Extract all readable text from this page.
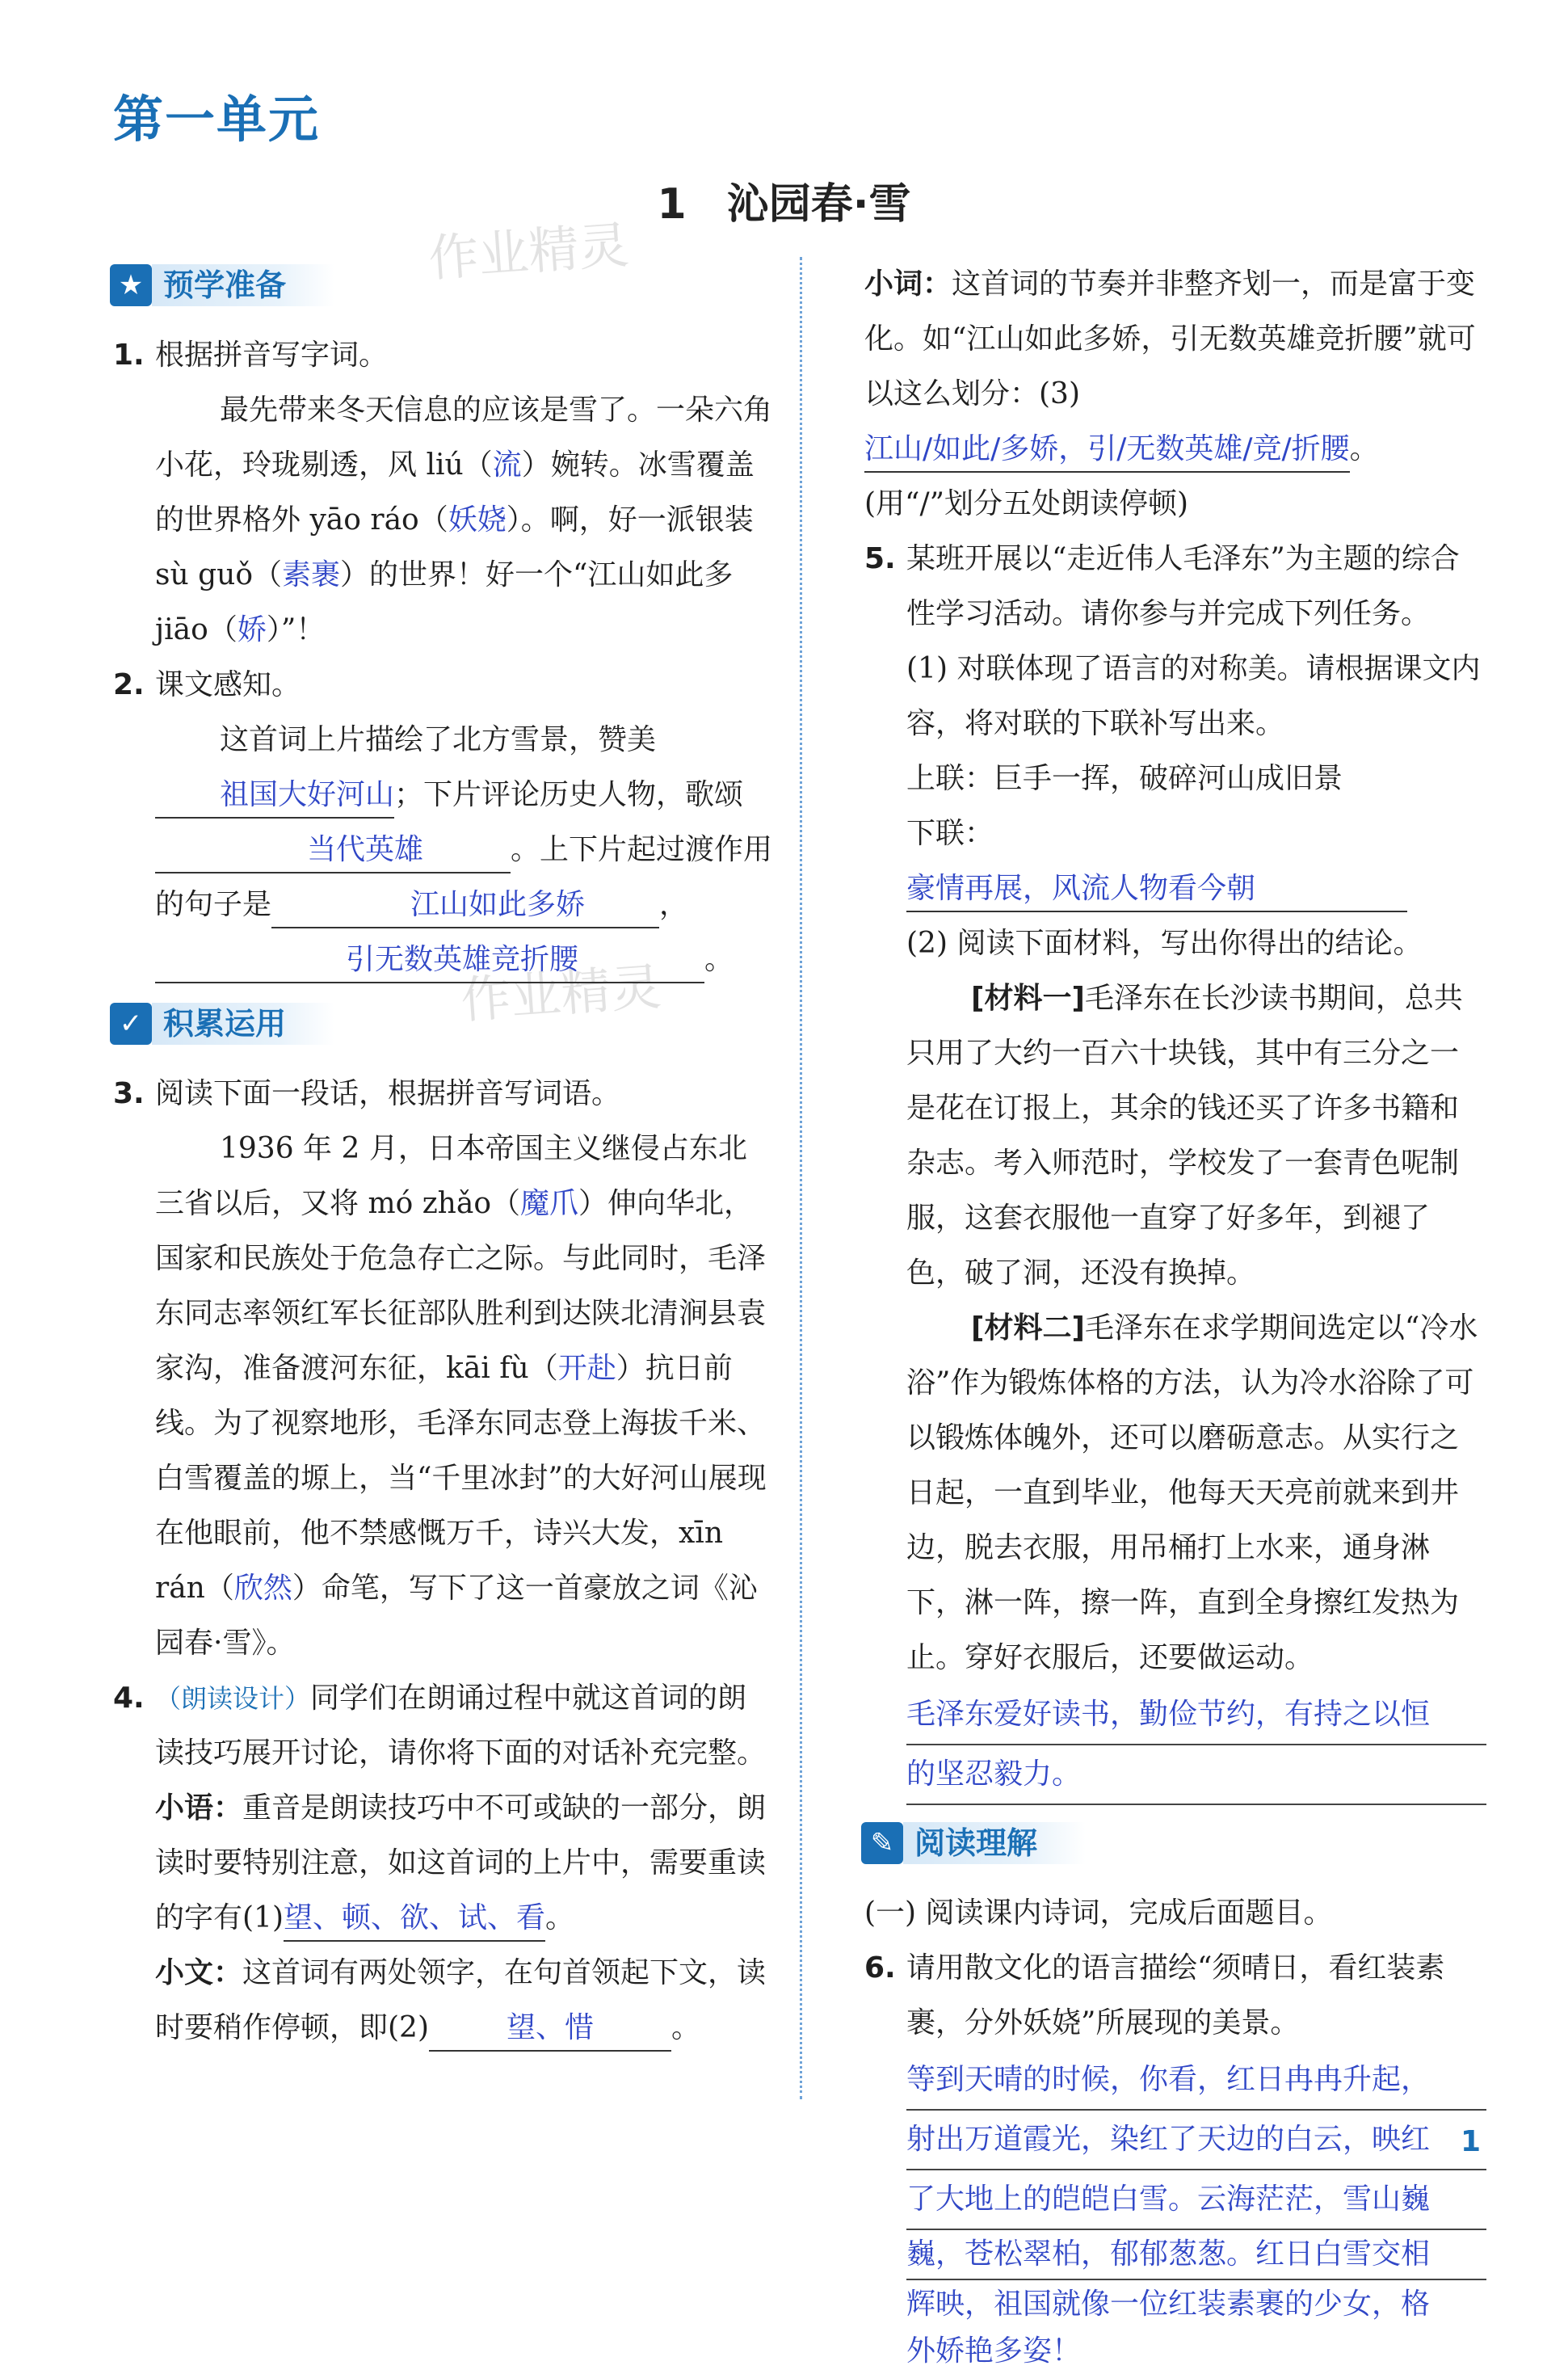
第一单元
1 沁园春·雪
作业精灵
作业精灵
★ 预学准备
1. 根据拼音写字词。
最先带来冬天信息的应该是雪了。一朵六角小花，玲珑剔透，风 liú（流）婉转。冰雪覆盖的世界格外 yāo ráo（妖娆）。啊，好一派银装 sù guǒ（素裹）的世界！好一个“江山如此多 jiāo（娇）”！
2. 课文感知。
这首词上片描绘了北方雪景，赞美祖国大好河山；下片评论历史人物，歌颂当代英雄	。上下片起过渡作用的句子是	江山如此多娇	，引无数英雄竞折腰	。
✓ 积累运用
3. 阅读下面一段话，根据拼音写词语。
1936 年 2 月，日本帝国主义继侵占东北三省以后，又将 mó zhǎo（魔爪）伸向华北，国家和民族处于危急存亡之际。与此同时，毛泽东同志率领红军长征部队胜利到达陕北清涧县袁家沟，准备渡河东征，kāi fù（开赴）抗日前线。为了视察地形，毛泽东同志登上海拔千米、白雪覆盖的塬上，当“千里冰封”的大好河山展现在他眼前，他不禁感慨万千，诗兴大发，xīn rán（欣然）命笔，写下了这一首豪放之词《沁园春·雪》。
4. （朗读设计）同学们在朗诵过程中就这首词的朗读技巧展开讨论，请你将下面的对话补充完整。
小语：重音是朗读技巧中不可或缺的一部分，朗读时要特别注意，如这首词的上片中，需要重读的字有(1)望、顿、欲、试、看。
小文：这首词有两处领字，在句首领起下文，读时要稍作停顿，即(2)	望、惜	。
小词：这首词的节奏并非整齐划一，而是富于变化。如“江山如此多娇，引无数英雄竞折腰”就可以这么划分：(3)江山/如此/多娇，引/无数英雄/竞/折腰。(用“/”划分五处朗读停顿)
5. 某班开展以“走近伟人毛泽东”为主题的综合性学习活动。请你参与并完成下列任务。
(1) 对联体现了语言的对称美。请根据课文内容，将对联的下联补写出来。
上联：巨手一挥，破碎河山成旧景
下联：豪情再展，风流人物看今朝
(2) 阅读下面材料，写出你得出的结论。
[材料一]毛泽东在长沙读书期间，总共只用了大约一百六十块钱，其中有三分之一是花在订报上，其余的钱还买了许多书籍和杂志。考入师范时，学校发了一套青色呢制服，这套衣服他一直穿了好多年，到褪了色，破了洞，还没有换掉。
[材料二]毛泽东在求学期间选定以“冷水浴”作为锻炼体格的方法，认为冷水浴除了可以锻炼体魄外，还可以磨砺意志。从实行之日起，一直到毕业，他每天天亮前就来到井边，脱去衣服，用吊桶打上水来，通身淋下，淋一阵，擦一阵，直到全身擦红发热为止。穿好衣服后，还要做运动。
毛泽东爱好读书，勤俭节约，有持之以恒
的坚忍毅力。
✎ 阅读理解
(一) 阅读课内诗词，完成后面题目。
6. 请用散文化的语言描绘“须晴日，看红装素裹，分外妖娆”所展现的美景。
等到天晴的时候，你看，红日冉冉升起，
射出万道霞光，染红了天边的白云，映红
了大地上的皑皑白雪。云海茫茫，雪山巍
巍，苍松翠柏，郁郁葱葱。红日白雪交相
辉映，祖国就像一位红装素裹的少女，格
外娇艳多姿！
1
